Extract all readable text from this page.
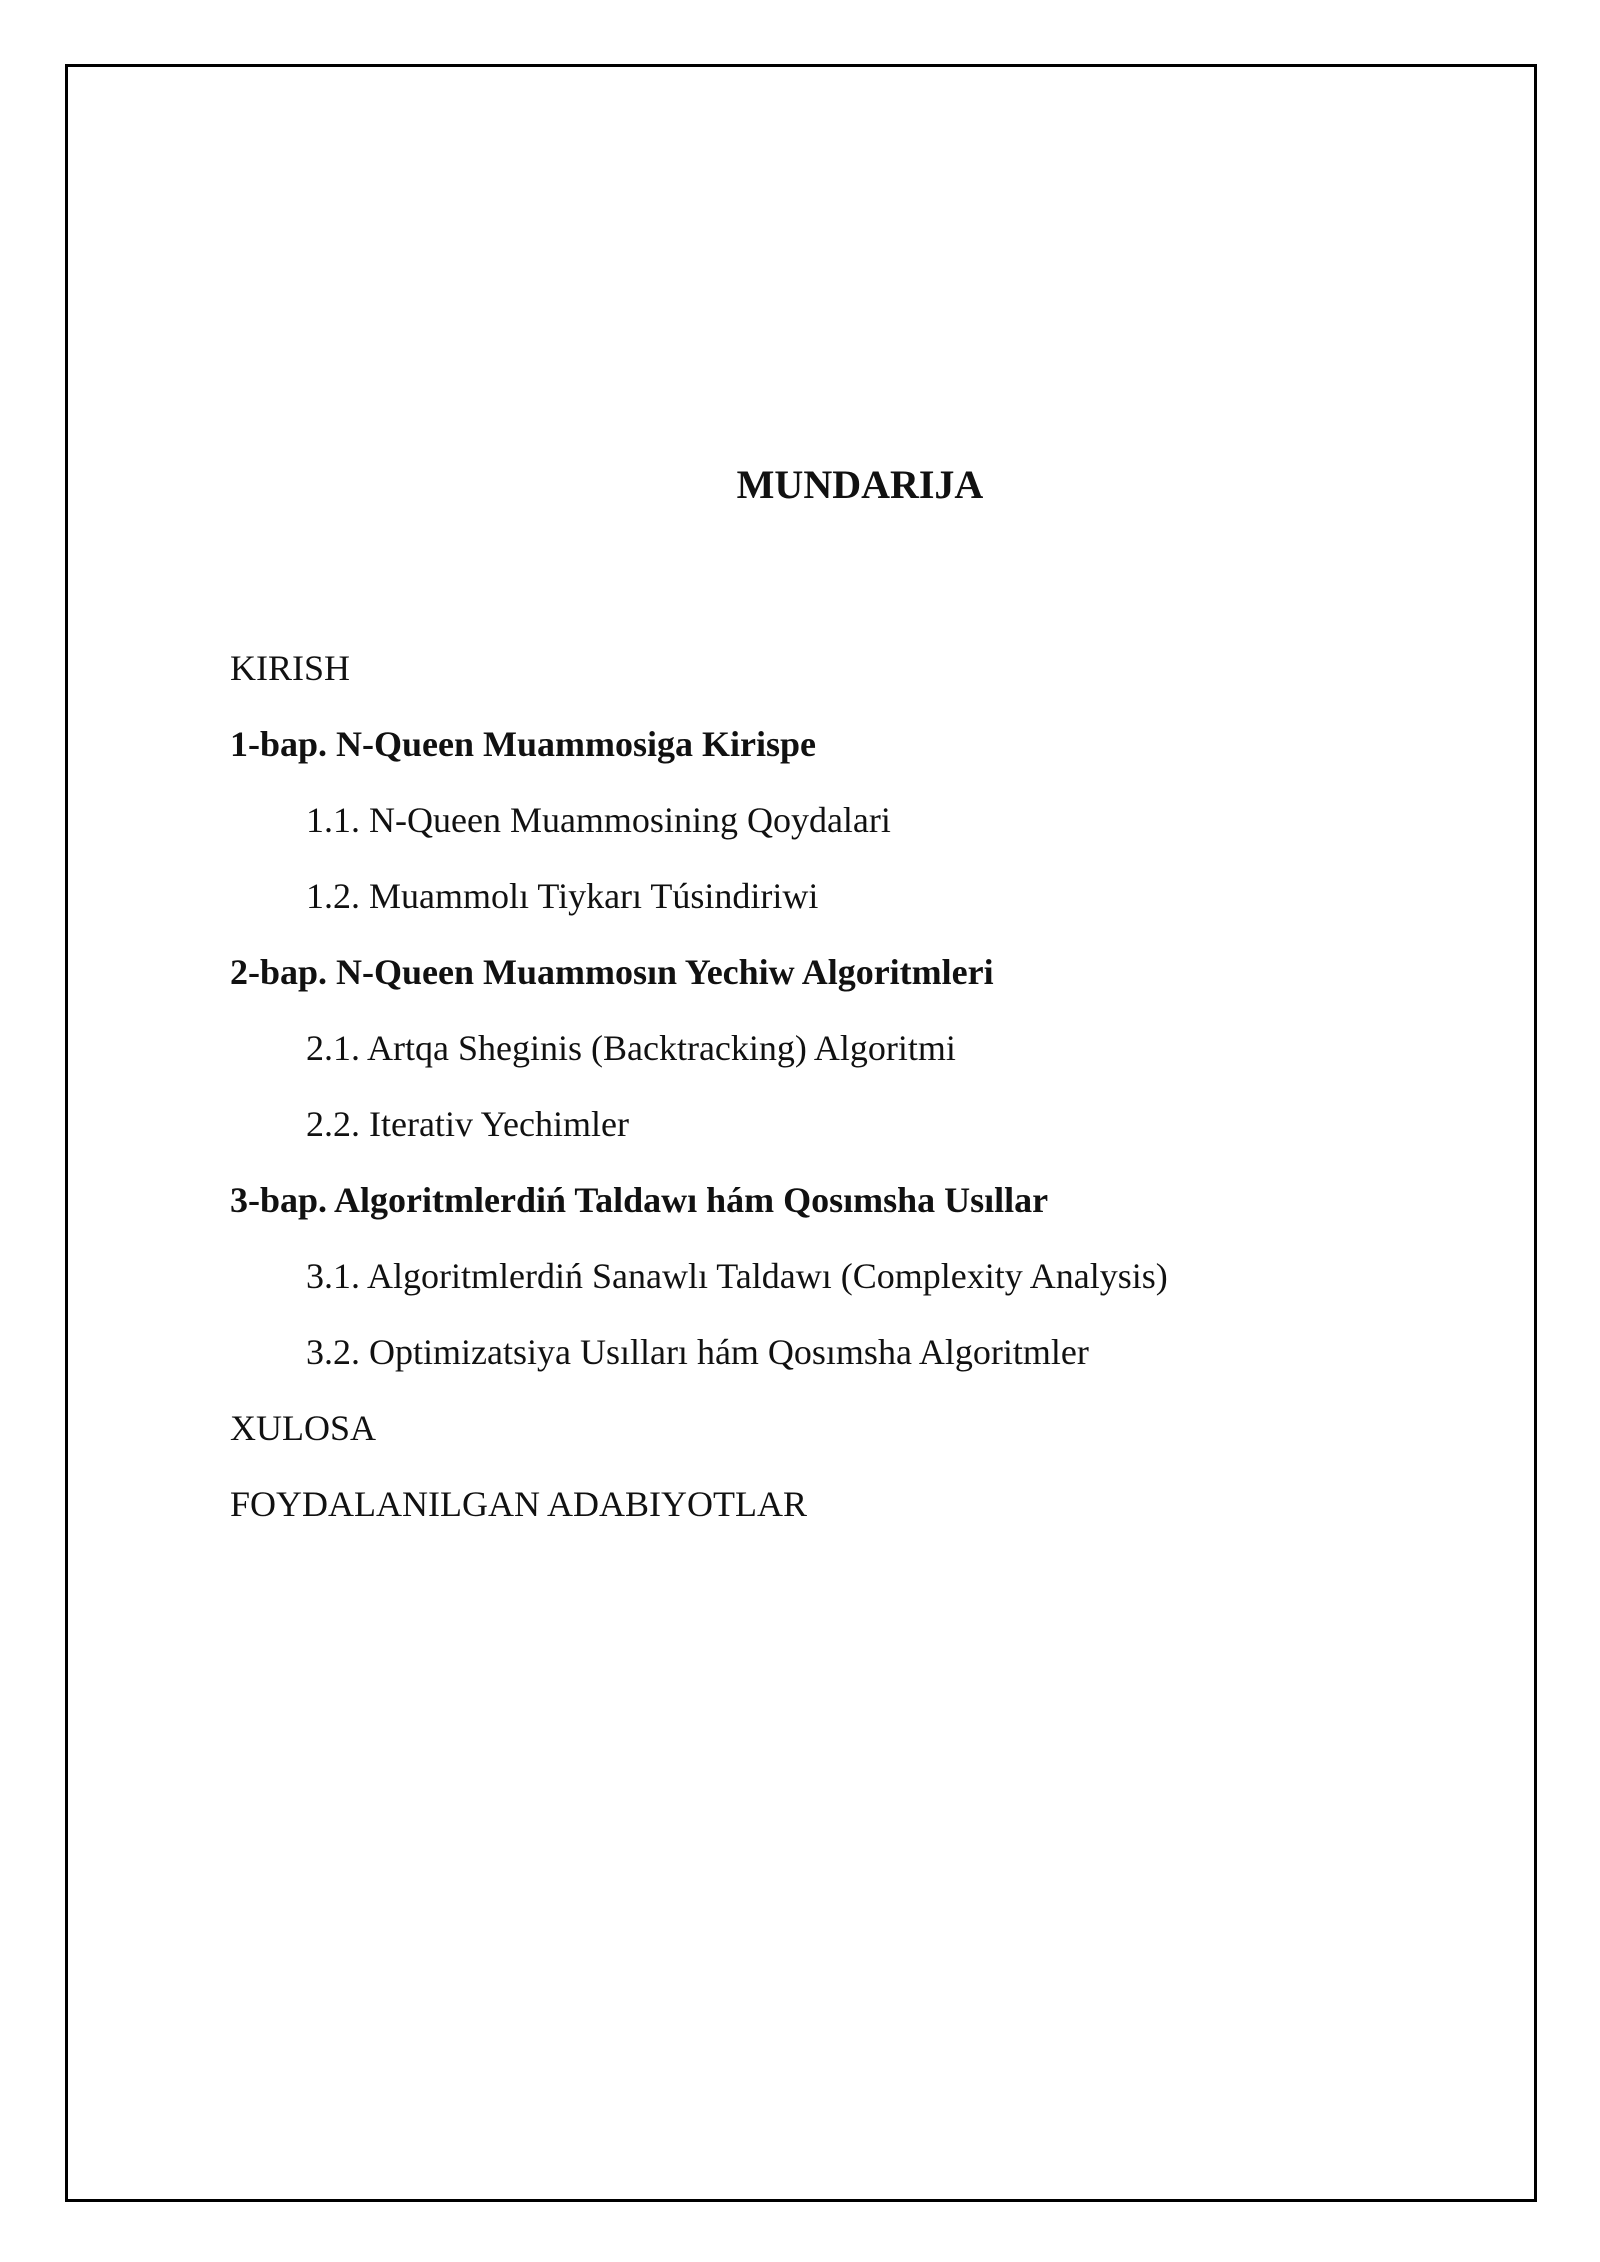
MUNDARIJA
KIRISH
1-bap. N-Queen Muammosiga Kirispe
1.1. N-Queen Muammosining Qoydalari
1.2. Muammolı Tiykarı Túsindiriwi
2-bap. N-Queen Muammosın Yechiw Algoritmleri
2.1. Artqa Sheginis (Backtracking) Algoritmi
2.2. Iterativ Yechimler
3-bap. Algoritmlerdiń Taldawı hám Qosımsha Usıllar
3.1. Algoritmlerdiń Sanawlı Taldawı (Complexity Analysis)
3.2. Optimizatsiya Usılları hám Qosımsha Algoritmler
XULOSA
FOYDALANILGAN ADABIYOTLAR
